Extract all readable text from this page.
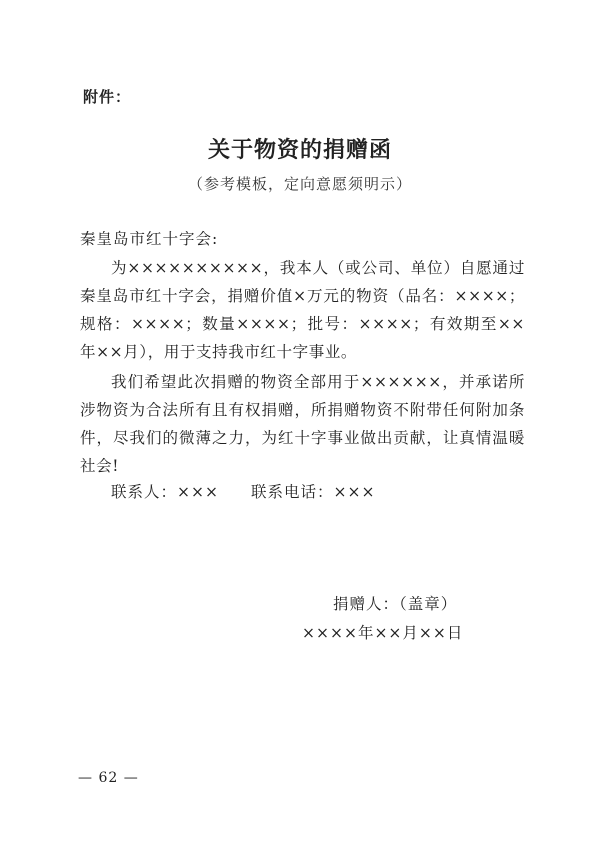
附件：
关于物资的捐赠函
（参考模板，定向意愿须明示）
秦皇岛市红十字会:
为××××××××××，我本人（或公司、单位）自愿通过秦皇岛市红十字会，捐赠价值×万元的物资（品名：××××；规格：××××；数量××××；批号：××××；有效期至××年××月），用于支持我市红十字事业。
我们希望此次捐赠的物资全部用于××××××，并承诺所涉物资为合法所有且有权捐赠，所捐赠物资不附带任何附加条件，尽我们的微薄之力，为红十字事业做出贡献，让真情温暖社会!
联系人：××× 联系电话：×××
捐赠人：（盖章）
××××年××月××日
— 62 —
